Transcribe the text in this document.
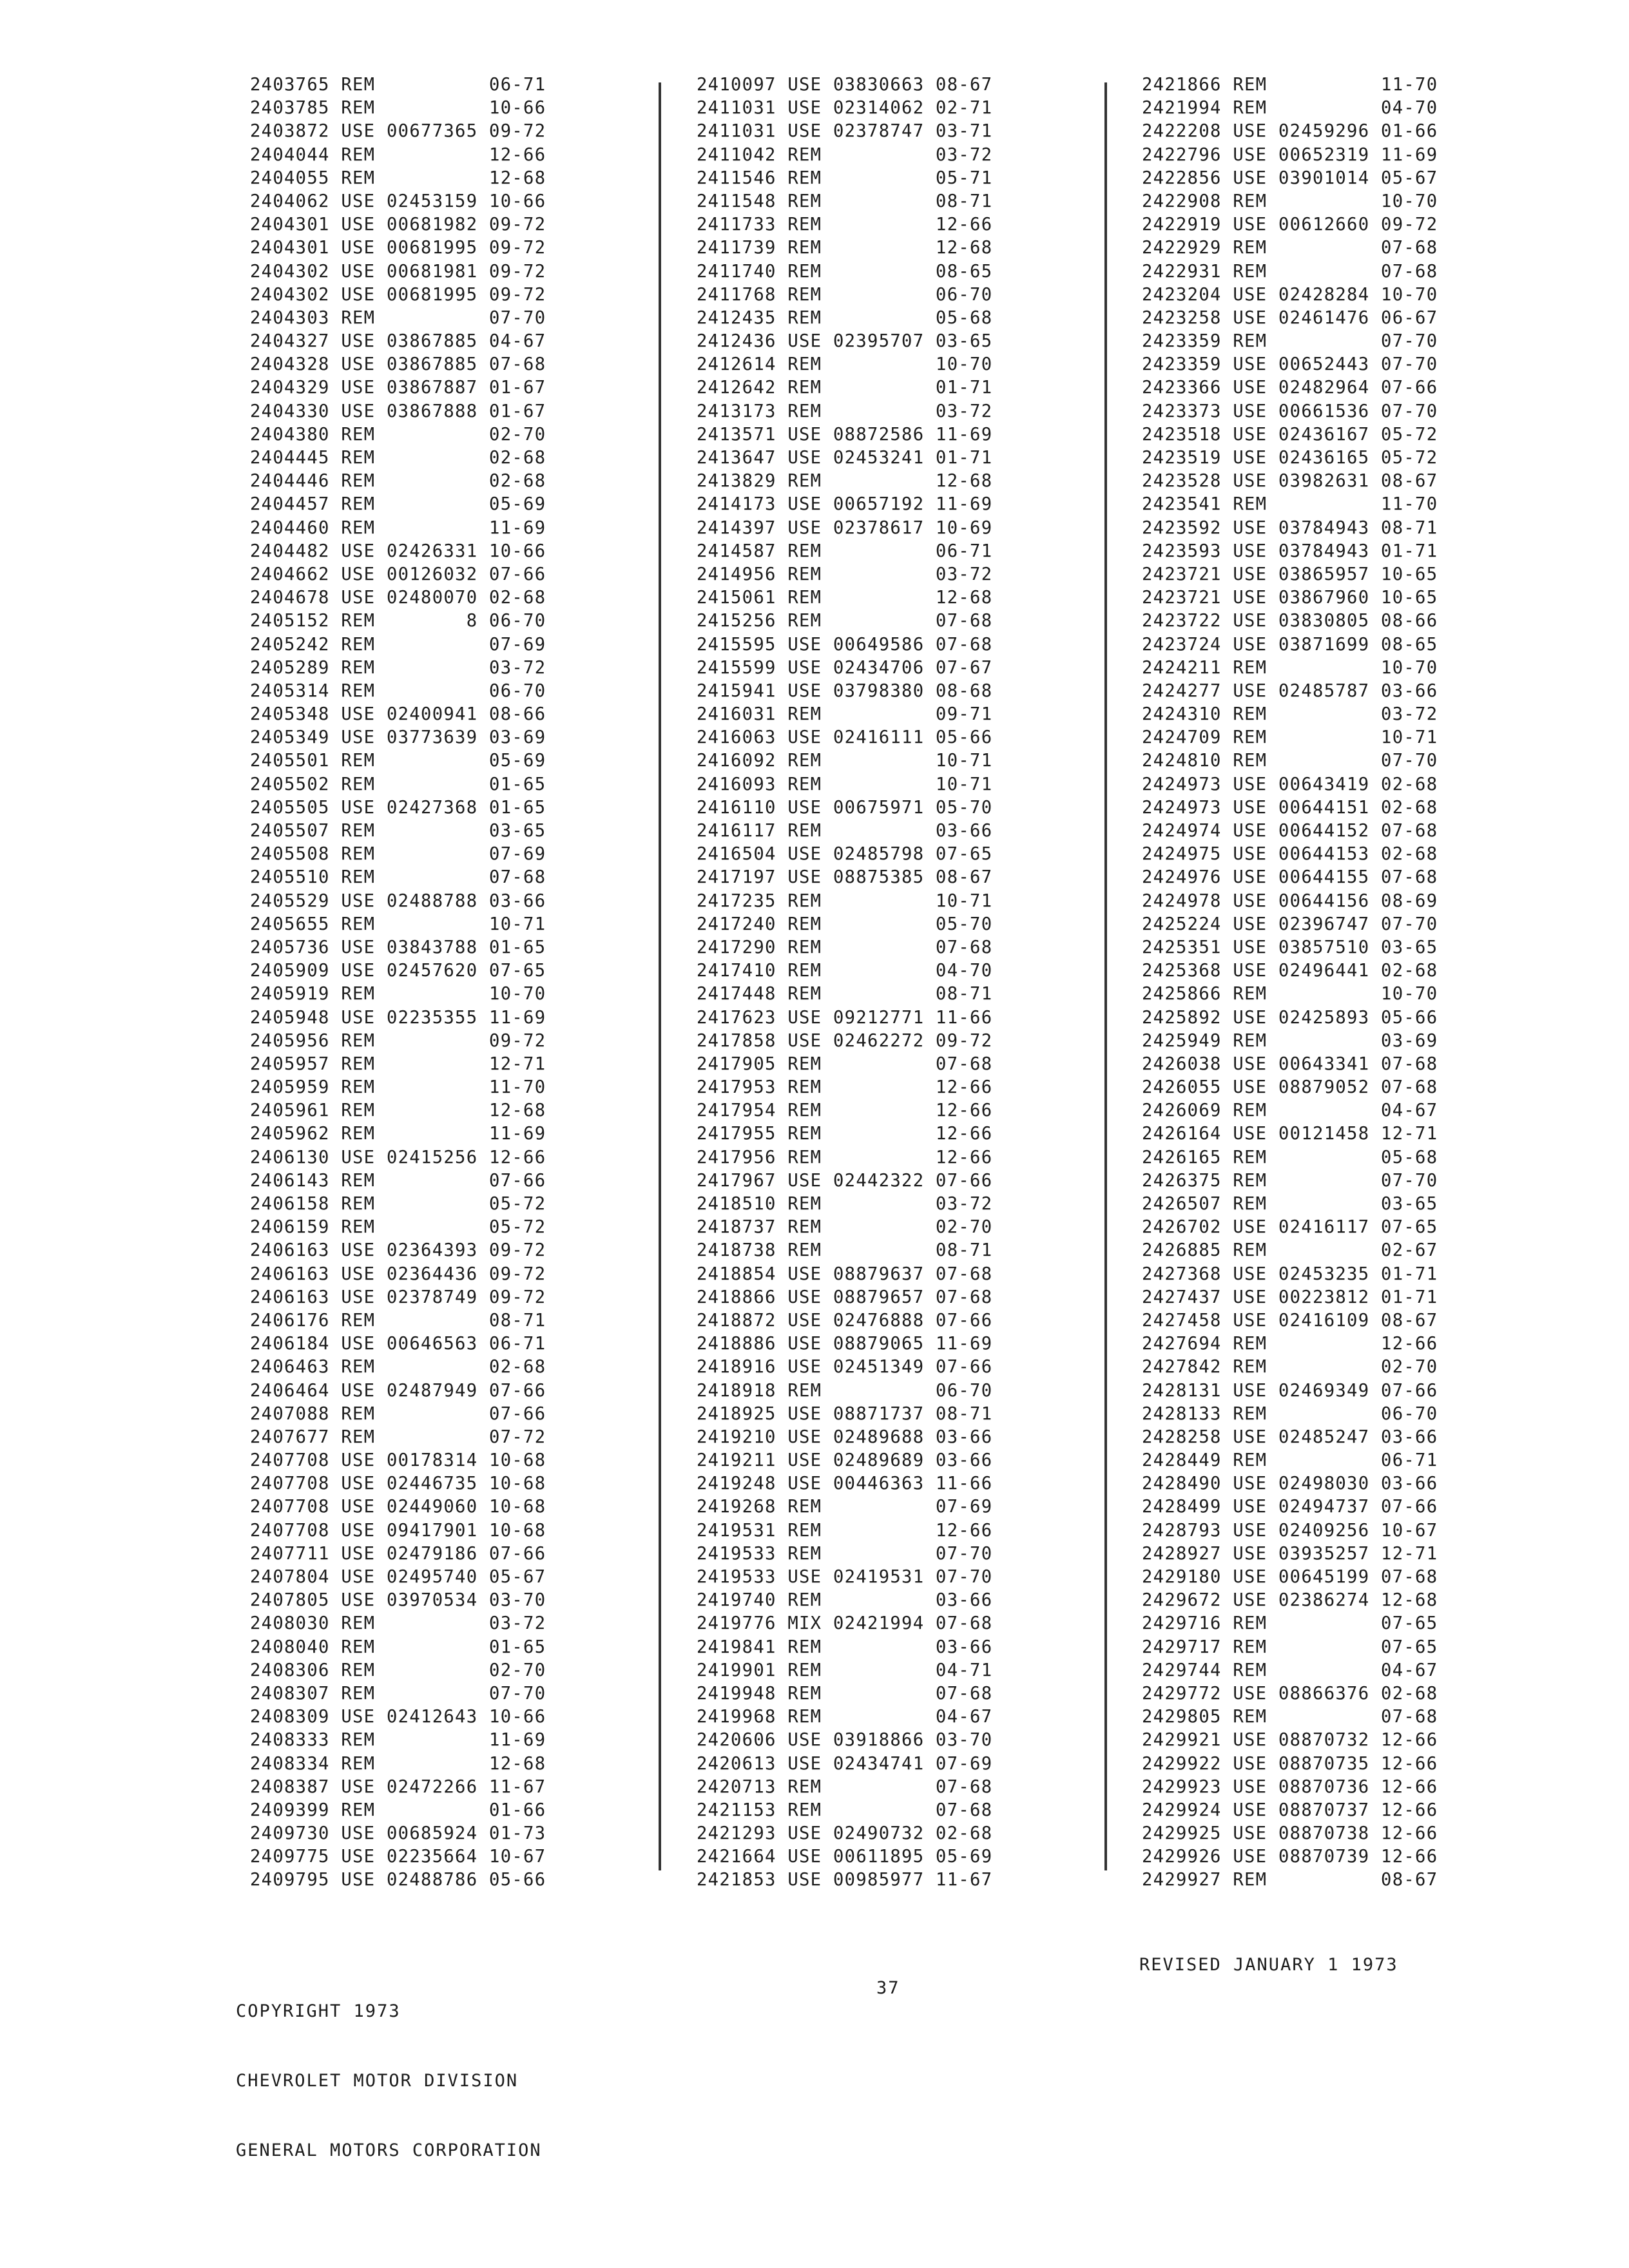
2403765 REM          06-71
2403785 REM          10-66
2403872 USE 00677365 09-72
2404044 REM          12-66
2404055 REM          12-68
2404062 USE 02453159 10-66
2404301 USE 00681982 09-72
2404301 USE 00681995 09-72
2404302 USE 00681981 09-72
2404302 USE 00681995 09-72
2404303 REM          07-70
2404327 USE 03867885 04-67
2404328 USE 03867885 07-68
2404329 USE 03867887 01-67
2404330 USE 03867888 01-67
2404380 REM          02-70
2404445 REM          02-68
2404446 REM          02-68
2404457 REM          05-69
2404460 REM          11-69
2404482 USE 02426331 10-66
2404662 USE 00126032 07-66
2404678 USE 02480070 02-68
2405152 REM        8 06-70
2405242 REM          07-69
2405289 REM          03-72
2405314 REM          06-70
2405348 USE 02400941 08-66
2405349 USE 03773639 03-69
2405501 REM          05-69
2405502 REM          01-65
2405505 USE 02427368 01-65
2405507 REM          03-65
2405508 REM          07-69
2405510 REM          07-68
2405529 USE 02488788 03-66
2405655 REM          10-71
2405736 USE 03843788 01-65
2405909 USE 02457620 07-65
2405919 REM          10-70
2405948 USE 02235355 11-69
2405956 REM          09-72
2405957 REM          12-71
2405959 REM          11-70
2405961 REM          12-68
2405962 REM          11-69
2406130 USE 02415256 12-66
2406143 REM          07-66
2406158 REM          05-72
2406159 REM          05-72
2406163 USE 02364393 09-72
2406163 USE 02364436 09-72
2406163 USE 02378749 09-72
2406176 REM          08-71
2406184 USE 00646563 06-71
2406463 REM          02-68
2406464 USE 02487949 07-66
2407088 REM          07-66
2407677 REM          07-72
2407708 USE 00178314 10-68
2407708 USE 02446735 10-68
2407708 USE 02449060 10-68
2407708 USE 09417901 10-68
2407711 USE 02479186 07-66
2407804 USE 02495740 05-67
2407805 USE 03970534 03-70
2408030 REM          03-72
2408040 REM          01-65
2408306 REM          02-70
2408307 REM          07-70
2408309 USE 02412643 10-66
2408333 REM          11-69
2408334 REM          12-68
2408387 USE 02472266 11-67
2409399 REM          01-66
2409730 USE 00685924 01-73
2409775 USE 02235664 10-67
2409795 USE 02488786 05-66
2410097 USE 03830663 08-67
2411031 USE 02314062 02-71
2411031 USE 02378747 03-71
2411042 REM          03-72
2411546 REM          05-71
2411548 REM          08-71
2411733 REM          12-66
2411739 REM          12-68
2411740 REM          08-65
2411768 REM          06-70
2412435 REM          05-68
2412436 USE 02395707 03-65
2412614 REM          10-70
2412642 REM          01-71
2413173 REM          03-72
2413571 USE 08872586 11-69
2413647 USE 02453241 01-71
2413829 REM          12-68
2414173 USE 00657192 11-69
2414397 USE 02378617 10-69
2414587 REM          06-71
2414956 REM          03-72
2415061 REM          12-68
2415256 REM          07-68
2415595 USE 00649586 07-68
2415599 USE 02434706 07-67
2415941 USE 03798380 08-68
2416031 REM          09-71
2416063 USE 02416111 05-66
2416092 REM          10-71
2416093 REM          10-71
2416110 USE 00675971 05-70
2416117 REM          03-66
2416504 USE 02485798 07-65
2417197 USE 08875385 08-67
2417235 REM          10-71
2417240 REM          05-70
2417290 REM          07-68
2417410 REM          04-70
2417448 REM          08-71
2417623 USE 09212771 11-66
2417858 USE 02462272 09-72
2417905 REM          07-68
2417953 REM          12-66
2417954 REM          12-66
2417955 REM          12-66
2417956 REM          12-66
2417967 USE 02442322 07-66
2418510 REM          03-72
2418737 REM          02-70
2418738 REM          08-71
2418854 USE 08879637 07-68
2418866 USE 08879657 07-68
2418872 USE 02476888 07-66
2418886 USE 08879065 11-69
2418916 USE 02451349 07-66
2418918 REM          06-70
2418925 USE 08871737 08-71
2419210 USE 02489688 03-66
2419211 USE 02489689 03-66
2419248 USE 00446363 11-66
2419268 REM          07-69
2419531 REM          12-66
2419533 REM          07-70
2419533 USE 02419531 07-70
2419740 REM          03-66
2419776 MIX 02421994 07-68
2419841 REM          03-66
2419901 REM          04-71
2419948 REM          07-68
2419968 REM          04-67
2420606 USE 03918866 03-70
2420613 USE 02434741 07-69
2420713 REM          07-68
2421153 REM          07-68
2421293 USE 02490732 02-68
2421664 USE 00611895 05-69
2421853 USE 00985977 11-67
2421866 REM          11-70
2421994 REM          04-70
2422208 USE 02459296 01-66
2422796 USE 00652319 11-69
2422856 USE 03901014 05-67
2422908 REM          10-70
2422919 USE 00612660 09-72
2422929 REM          07-68
2422931 REM          07-68
2423204 USE 02428284 10-70
2423258 USE 02461476 06-67
2423359 REM          07-70
2423359 USE 00652443 07-70
2423366 USE 02482964 07-66
2423373 USE 00661536 07-70
2423518 USE 02436167 05-72
2423519 USE 02436165 05-72
2423528 USE 03982631 08-67
2423541 REM          11-70
2423592 USE 03784943 08-71
2423593 USE 03784943 01-71
2423721 USE 03865957 10-65
2423721 USE 03867960 10-65
2423722 USE 03830805 08-66
2423724 USE 03871699 08-65
2424211 REM          10-70
2424277 USE 02485787 03-66
2424310 REM          03-72
2424709 REM          10-71
2424810 REM          07-70
2424973 USE 00643419 02-68
2424973 USE 00644151 02-68
2424974 USE 00644152 07-68
2424975 USE 00644153 02-68
2424976 USE 00644155 07-68
2424978 USE 00644156 08-69
2425224 USE 02396747 07-70
2425351 USE 03857510 03-65
2425368 USE 02496441 02-68
2425866 REM          10-70
2425892 USE 02425893 05-66
2425949 REM          03-69
2426038 USE 00643341 07-68
2426055 USE 08879052 07-68
2426069 REM          04-67
2426164 USE 00121458 12-71
2426165 REM          05-68
2426375 REM          07-70
2426507 REM          03-65
2426702 USE 02416117 07-65
2426885 REM          02-67
2427368 USE 02453235 01-71
2427437 USE 00223812 01-71
2427458 USE 02416109 08-67
2427694 REM          12-66
2427842 REM          02-70
2428131 USE 02469349 07-66
2428133 REM          06-70
2428258 USE 02485247 03-66
2428449 REM          06-71
2428490 USE 02498030 03-66
2428499 USE 02494737 07-66
2428793 USE 02409256 10-67
2428927 USE 03935257 12-71
2429180 USE 00645199 07-68
2429672 USE 02386274 12-68
2429716 REM          07-65
2429717 REM          07-65
2429744 REM          04-67
2429772 USE 08866376 02-68
2429805 REM          07-68
2429921 USE 08870732 12-66
2429922 USE 08870735 12-66
2429923 USE 08870736 12-66
2429924 USE 08870737 12-66
2429925 USE 08870738 12-66
2429926 USE 08870739 12-66
2429927 REM          08-67

COPYRIGHT 1973

CHEVROLET MOTOR DIVISION

GENERAL MOTORS CORPORATION

37
REVISED JANUARY 1 1973
